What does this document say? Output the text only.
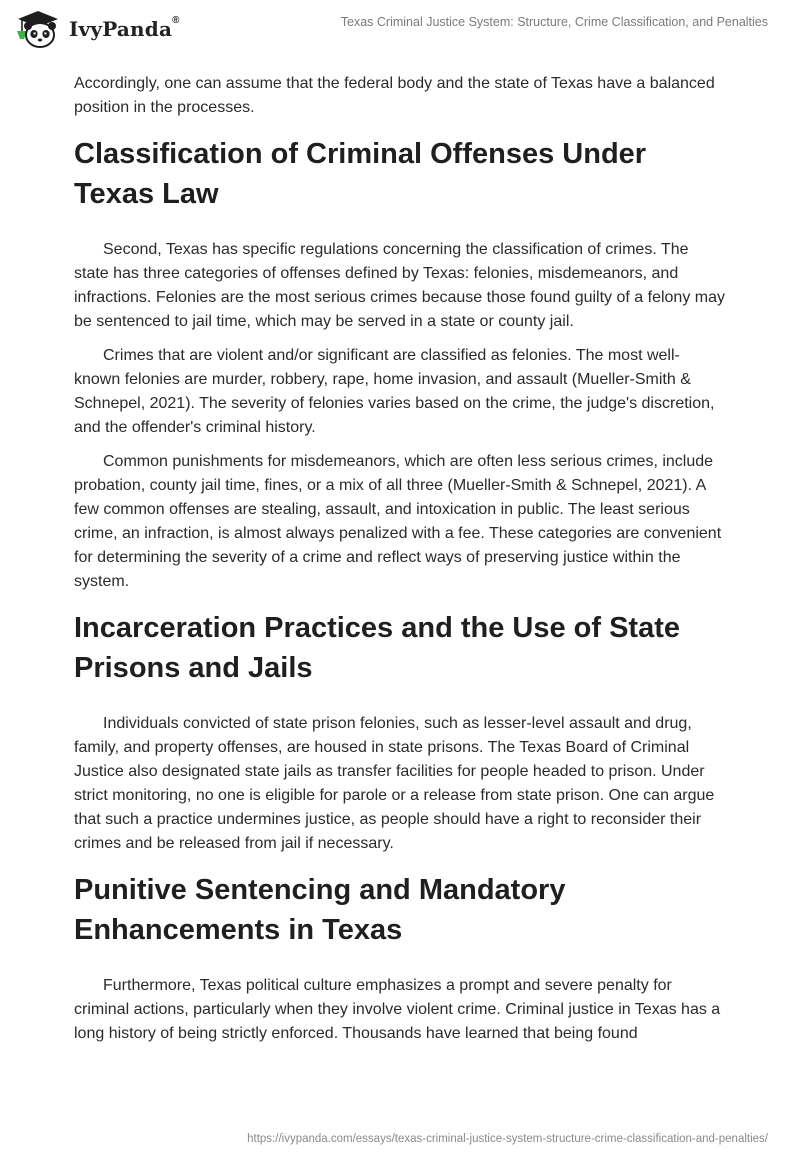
IvyPanda®	Texas Criminal Justice System: Structure, Crime Classification, and Penalties

Accordingly, one can assume that the federal body and the state of Texas have a balanced position in the processes.

Classification of Criminal Offenses Under Texas Law

Second, Texas has specific regulations concerning the classification of crimes. The state has three categories of offenses defined by Texas: felonies, misdemeanors, and infractions. Felonies are the most serious crimes because those found guilty of a felony may be sentenced to jail time, which may be served in a state or county jail.

Crimes that are violent and/or significant are classified as felonies. The most well-known felonies are murder, robbery, rape, home invasion, and assault (Mueller-Smith & Schnepel, 2021). The severity of felonies varies based on the crime, the judge's discretion, and the offender's criminal history.

Common punishments for misdemeanors, which are often less serious crimes, include probation, county jail time, fines, or a mix of all three (Mueller-Smith & Schnepel, 2021). A few common offenses are stealing, assault, and intoxication in public. The least serious crime, an infraction, is almost always penalized with a fee. These categories are convenient for determining the severity of a crime and reflect ways of preserving justice within the system.

Incarceration Practices and the Use of State Prisons and Jails

Individuals convicted of state prison felonies, such as lesser-level assault and drug, family, and property offenses, are housed in state prisons. The Texas Board of Criminal Justice also designated state jails as transfer facilities for people headed to prison. Under strict monitoring, no one is eligible for parole or a release from state prison. One can argue that such a practice undermines justice, as people should have a right to reconsider their crimes and be released from jail if necessary.

Punitive Sentencing and Mandatory Enhancements in Texas

Furthermore, Texas political culture emphasizes a prompt and severe penalty for criminal actions, particularly when they involve violent crime. Criminal justice in Texas has a long history of being strictly enforced. Thousands have learned that being found

https://ivypanda.com/essays/texas-criminal-justice-system-structure-crime-classification-and-penalties/
